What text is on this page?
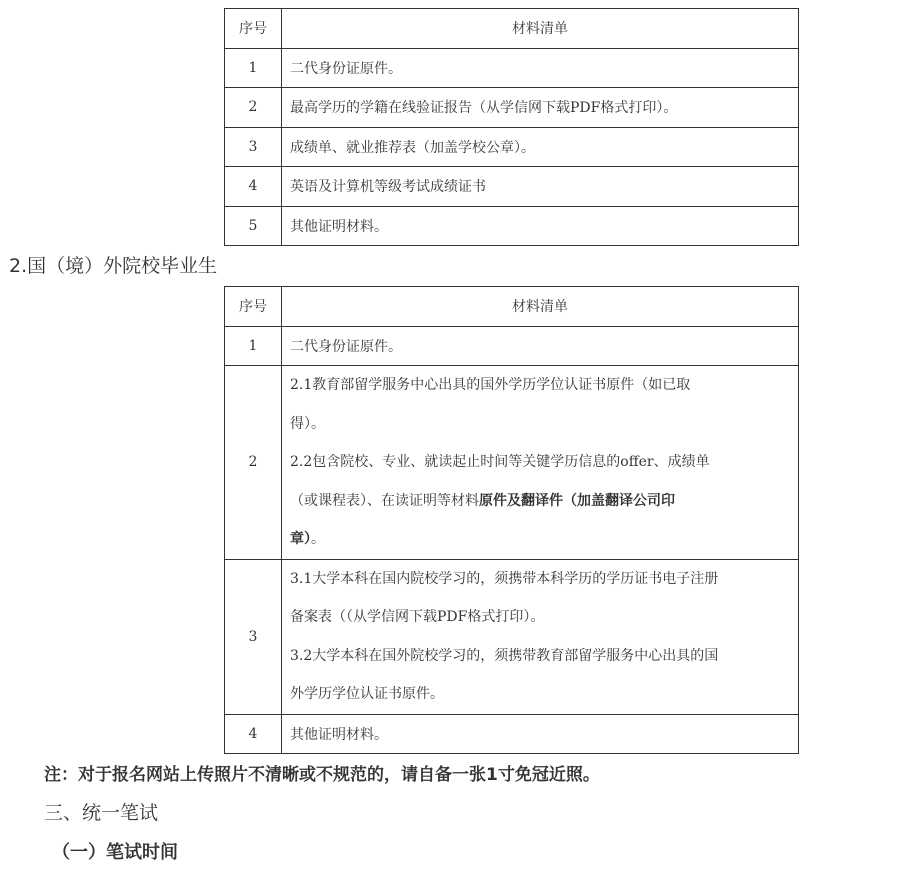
序号	材料清单
1	二代身份证原件。
2	最高学历的学籍在线验证报告（从学信网下载PDF格式打印）。
3	成绩单、就业推荐表（加盖学校公章）。
4	英语及计算机等级考试成绩证书
5	其他证明材料。
2.国（境）外院校毕业生
序号	材料清单
1	二代身份证原件。
2	2.1教育部留学服务中心出具的国外学历学位认证书原件（如已取
得）。
2.2包含院校、专业、就读起止时间等关键学历信息的offer、成绩单
（或课程表）、在读证明等材料原件及翻译件（加盖翻译公司印
章）。

3	3.1大学本科在国内院校学习的，须携带本科学历的学历证书电子注册
备案表（（从学信网下载PDF格式打印）。
3.2大学本科在国外院校学习的，须携带教育部留学服务中心出具的国
外学历学位认证书原件。

4	其他证明材料。
注：对于报名网站上传照片不清晰或不规范的，请自备一张1寸免冠近照。
三、统一笔试
（一）笔试时间
